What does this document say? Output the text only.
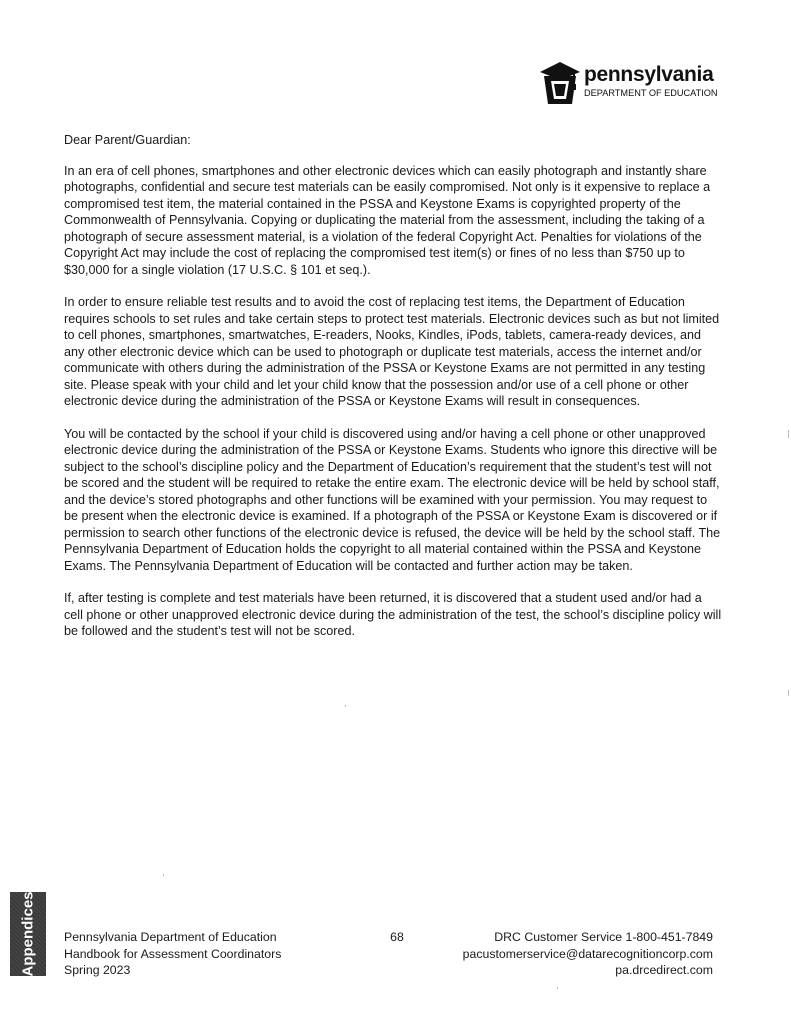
pennsylvania
DEPARTMENT OF EDUCATION

Dear Parent/Guardian:

In an era of cell phones, smartphones and other electronic devices which can easily photograph and instantly share photographs, confidential and secure test materials can be easily compromised. Not only is it expensive to replace a compromised test item, the material contained in the PSSA and Keystone Exams is copyrighted property of the Commonwealth of Pennsylvania. Copying or duplicating the material from the assessment, including the taking of a photograph of secure assessment material, is a violation of the federal Copyright Act. Penalties for violations of the Copyright Act may include the cost of replacing the compromised test item(s) or fines of no less than $750 up to $30,000 for a single violation (17 U.S.C. § 101 et seq.).

In order to ensure reliable test results and to avoid the cost of replacing test items, the Department of Education requires schools to set rules and take certain steps to protect test materials. Electronic devices such as but not limited to cell phones, smartphones, smartwatches, E-readers, Nooks, Kindles, iPods, tablets, camera-ready devices, and any other electronic device which can be used to photograph or duplicate test materials, access the internet and/or communicate with others during the administration of the PSSA or Keystone Exams are not permitted in any testing site. Please speak with your child and let your child know that the possession and/or use of a cell phone or other electronic device during the administration of the PSSA or Keystone Exams will result in consequences.

You will be contacted by the school if your child is discovered using and/or having a cell phone or other unapproved electronic device during the administration of the PSSA or Keystone Exams. Students who ignore this directive will be subject to the school’s discipline policy and the Department of Education’s requirement that the student’s test will not be scored and the student will be required to retake the entire exam. The electronic device will be held by school staff, and the device’s stored photographs and other functions will be examined with your permission. You may request to be present when the electronic device is examined. If a photograph of the PSSA or Keystone Exam is discovered or if permission to search other functions of the electronic device is refused, the device will be held by the school staff. The Pennsylvania Department of Education holds the copyright to all material contained within the PSSA and Keystone Exams. The Pennsylvania Department of Education will be contacted and further action may be taken.

If, after testing is complete and test materials have been returned, it is discovered that a student used and/or had a cell phone or other unapproved electronic device during the administration of the test, the school’s discipline policy will be followed and the student’s test will not be scored.

Appendices Pennsylvania Department of Education
Handbook for Assessment Coordinators
Spring 2023
68	DRC Customer Service 1-800-451-7849
pacustomerservice@datarecognitioncorp.com
pa.drcedirect.com
